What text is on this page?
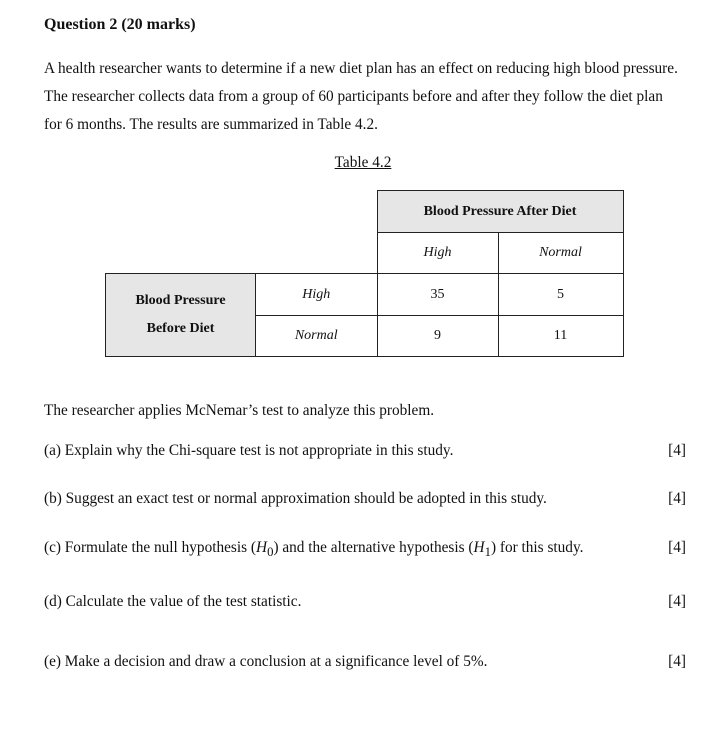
Question 2 (20 marks)
A health researcher wants to determine if a new diet plan has an effect on reducing high blood pressure.
The researcher collects data from a group of 60 participants before and after they follow the diet plan
for 6 months. The results are summarized in Table 4.2.
Table 4.2
		Blood Pressure After Diet	
		High	Normal

Blood Pressure
Before Diet	High	35	5
	Normal	9	11
The researcher applies McNemar’s test to analyze this problem.
(a) Explain why the Chi-square test is not appropriate in this study.	[4]
(b) Suggest an exact test or normal approximation should be adopted in this study.	[4]
(c) Formulate the null hypothesis $(H_0)$ and the alternative hypothesis $(H_1)$ for this study.	[4]
(d) Calculate the value of the test statistic.	[4]
(e) Make a decision and draw a conclusion at a significance level of 5%.	[4]
